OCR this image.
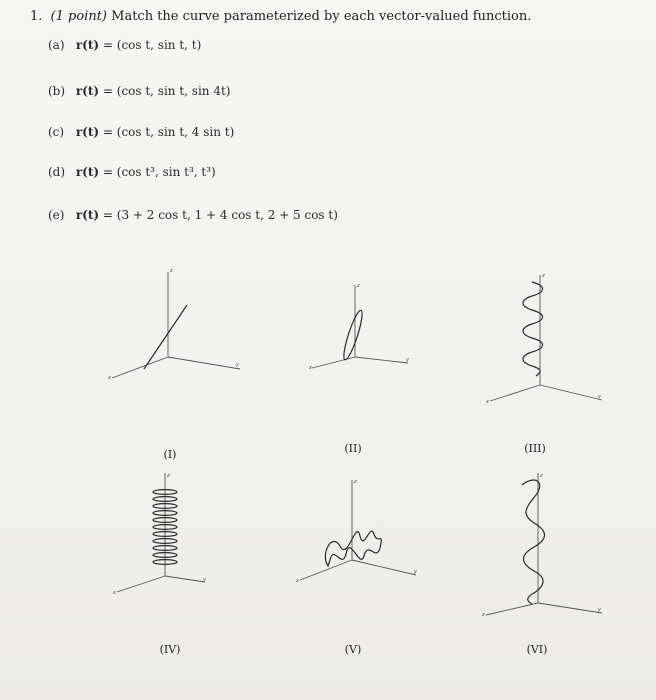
1. (1 point) Match the curve parameterized by each vector-valued function.
(a) r(t) = (cos t, sin t, t)
(b) r(t) = (cos t, sin t, sin 4t)
(c) r(t) = (cos t, sin t, 4 sin t)
(d) r(t) = (cos t³, sin t³, t³)
(e) r(t) = (3 + 2 cos t, 1 + 4 cos t, 2 + 5 cos t)
z
y
x
(I)
z
y
x
(II)
z
y
x
(III)
z
y
x
(IV)
z
y
x
(V)
z
y
x
(VI)
